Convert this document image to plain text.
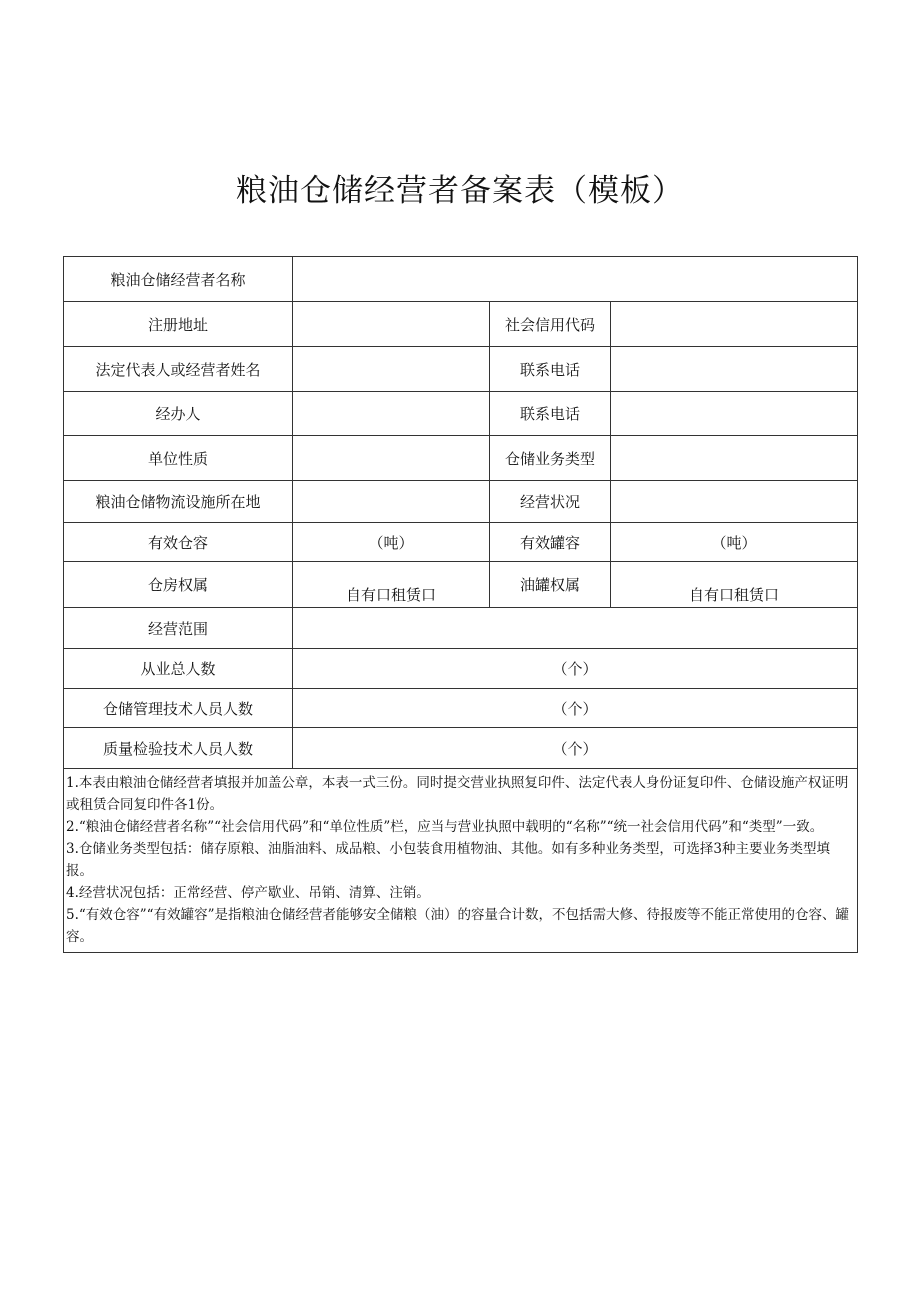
粮油仓储经营者备案表（模板）
粮油仓储经营者名称			
注册地址		社会信用代码	
法定代表人或经营者姓名		联系电话	
经办人		联系电话	
单位性质		仓储业务类型	
粮油仓储物流设施所在地		经营状况	
有效仓容	（吨）	有效罐容	（吨）
仓房权属	自有口租赁口	油罐权属	自有口租赁口
经营范围			
从业总人数	（个）		
仓储管理技术人员人数	（个）		
质量检验技术人员人数	（个）		

1.本表由粮油仓储经营者填报并加盖公章，本表一式三份。同时提交营业执照复印件、法定代表人身份证复印件、仓储设施产权证明或租赁合同复印件各1份。

2.“粮油仓储经营者名称”“社会信用代码”和“单位性质”栏，应当与营业执照中载明的“名称”“统一社会信用代码”和“类型”一致。

3.仓储业务类型包括：储存原粮、油脂油料、成品粮、小包装食用植物油、其他。如有多种业务类型，可选择3种主要业务类型填报。

4.经营状况包括：正常经营、停产歇业、吊销、清算、注销。

5.“有效仓容”“有效罐容”是指粮油仓储经营者能够安全储粮（油）的容量合计数，不包括需大修、待报废等不能正常使用的仓容、罐容。			
